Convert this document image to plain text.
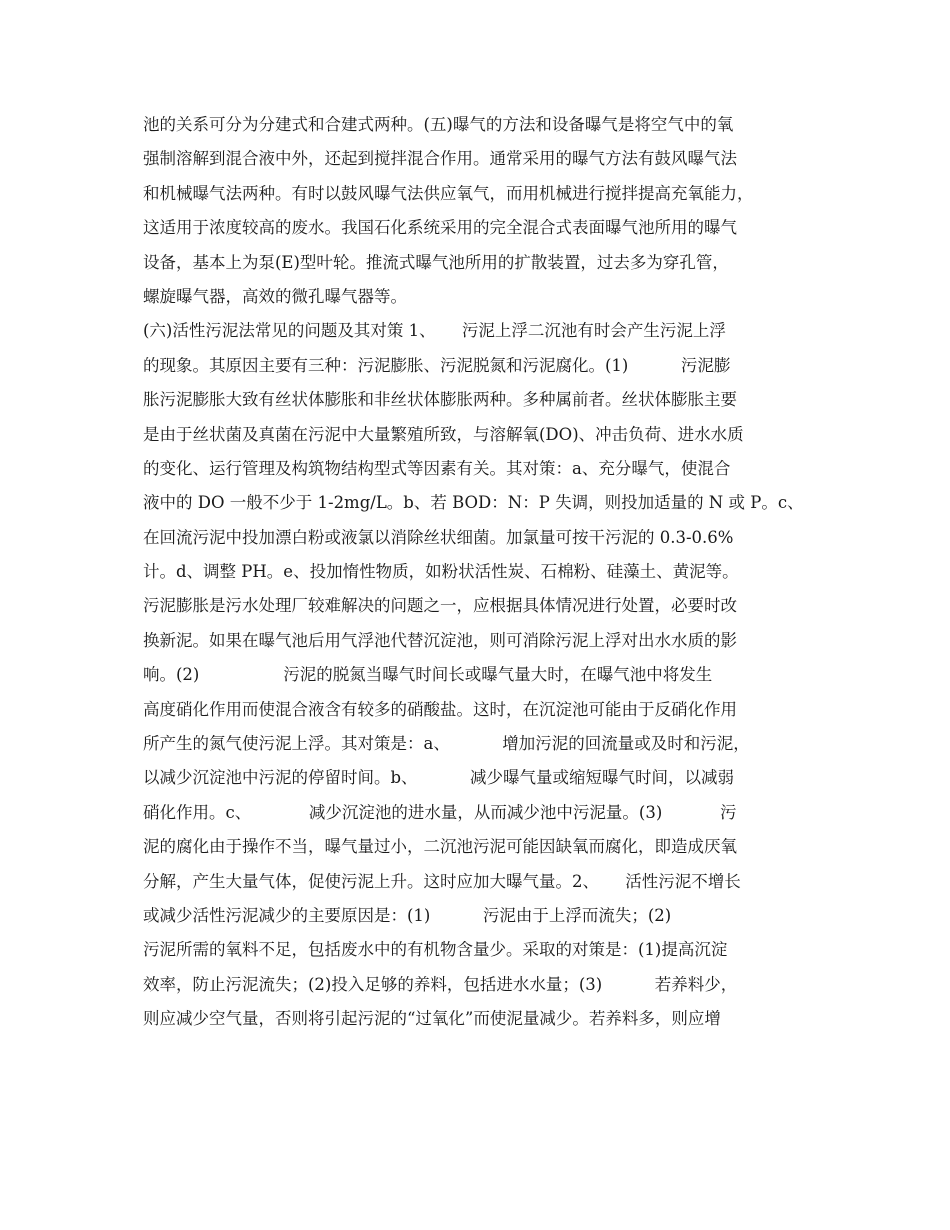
池的关系可分为分建式和合建式两种。(五)曝气的方法和设备曝气是将空气中的氧
强制溶解到混合液中外，还起到搅拌混合作用。通常采用的曝气方法有鼓风曝气法
和机械曝气法两种。有时以鼓风曝气法供应氧气，而用机械进行搅拌提高充氧能力，
这适用于浓度较高的废水。我国石化系统采用的完全混合式表面曝气池所用的曝气
设备，基本上为泵(E)型叶轮。推流式曝气池所用的扩散装置，过去多为穿孔管，
螺旋曝气器，高效的微孔曝气器等。
(六)活性污泥法常见的问题及其对策 1、     污泥上浮二沉池有时会产生污泥上浮
的现象。其原因主要有三种：污泥膨胀、污泥脱氮和污泥腐化。(1)          污泥膨
胀污泥膨胀大致有丝状体膨胀和非丝状体膨胀两种。多种属前者。丝状体膨胀主要
是由于丝状菌及真菌在污泥中大量繁殖所致，与溶解氧(DO)、冲击负荷、进水水质
的变化、运行管理及构筑物结构型式等因素有关。其对策：a、充分曝气，使混合
液中的 DO 一般不少于 1-2mg/L。b、若 BOD：N：P 失调，则投加适量的 N 或 P。c、
在回流污泥中投加漂白粉或液氯以消除丝状细菌。加氯量可按干污泥的 0.3-0.6%
计。d、调整 PH。e、投加惰性物质，如粉状活性炭、石棉粉、硅藻土、黄泥等。
污泥膨胀是污水处理厂较难解决的问题之一，应根据具体情况进行处置，必要时改
换新泥。如果在曝气池后用气浮池代替沉淀池，则可消除污泥上浮对出水水质的影
响。(2)                污泥的脱氮当曝气时间长或曝气量大时，在曝气池中将发生
高度硝化作用而使混合液含有较多的硝酸盐。这时，在沉淀池可能由于反硝化作用
所产生的氮气使污泥上浮。其对策是：a、          增加污泥的回流量或及时和污泥，
以减少沉淀池中污泥的停留时间。b、          减少曝气量或缩短曝气时间，以减弱
硝化作用。c、           减少沉淀池的进水量，从而减少池中污泥量。(3)           污
泥的腐化由于操作不当，曝气量过小，二沉池污泥可能因缺氧而腐化，即造成厌氧
分解，产生大量气体，促使污泥上升。这时应加大曝气量。2、     活性污泥不增长
或减少活性污泥减少的主要原因是：(1)          污泥由于上浮而流失；(2)
污泥所需的氧料不足，包括废水中的有机物含量少。采取的对策是：(1)提高沉淀
效率，防止污泥流失；(2)投入足够的养料，包括进水水量；(3)          若养料少，
则应减少空气量，否则将引起污泥的“过氧化”而使泥量减少。若养料多，则应增
